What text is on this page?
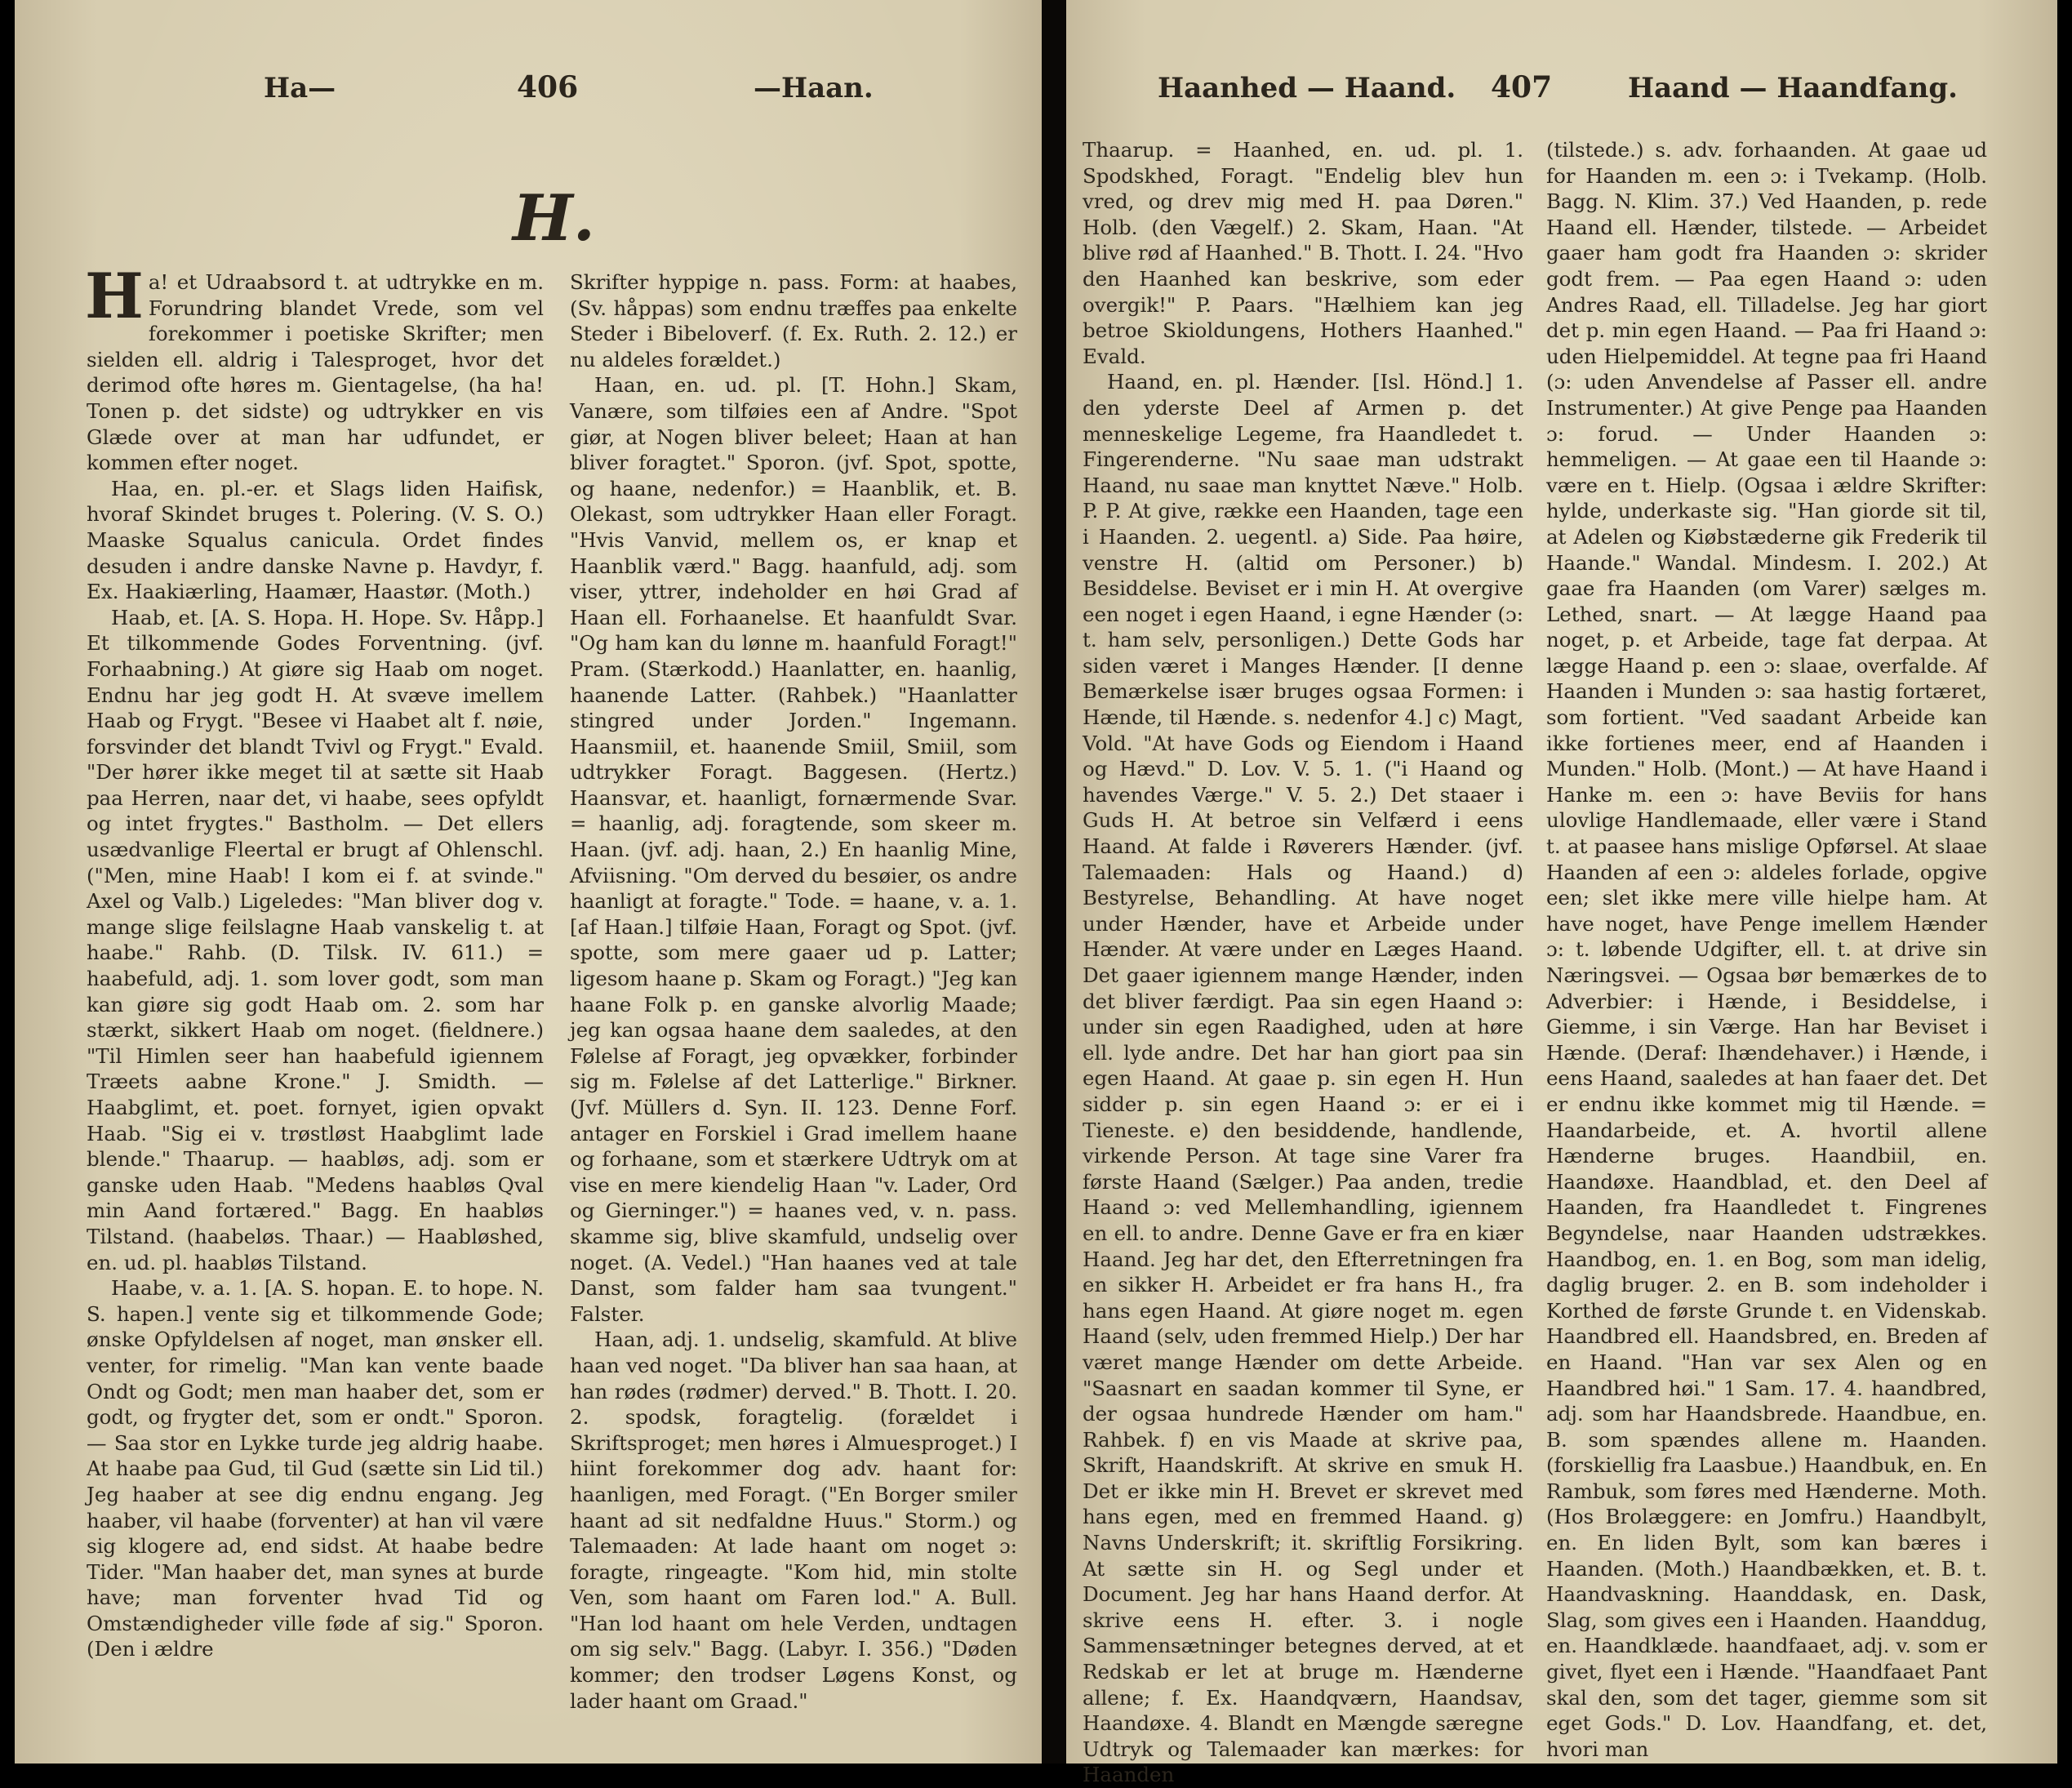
Ha—	406	—Haan.
H.

Ha! et Udraabsord t. at udtrykke en m. Forundring blandet Vrede, som vel forekommer i poetiske Skrifter; men sielden ell. aldrig i Talesproget, hvor det derimod ofte høres m. Gientagelse, (ha ha! Tonen p. det sidste) og udtrykker en vis Glæde over at man har udfundet, er kommen efter noget.

Haa, en. pl.-er. et Slags liden Haifisk, hvoraf Skindet bruges t. Polering. (V. S. O.) Maaske Squalus canicula. Ordet findes desuden i andre danske Navne p. Havdyr, f. Ex. Haakiærling, Haamær, Haastør. (Moth.)

Haab, et. [A. S. Hopa. H. Hope. Sv. Håpp.] Et tilkommende Godes Forventning. (jvf. Forhaabning.) At giøre sig Haab om noget. Endnu har jeg godt H. At svæve imellem Haab og Frygt. "Besee vi Haabet alt f. nøie, forsvinder det blandt Tvivl og Frygt." Evald. "Der hører ikke meget til at sætte sit Haab paa Herren, naar det, vi haabe, sees opfyldt og intet frygtes." Bastholm. — Det ellers usædvanlige Fleertal er brugt af Ohlenschl. ("Men, mine Haab! I kom ei f. at svinde." Axel og Valb.) Ligeledes: "Man bliver dog v. mange slige feilslagne Haab vanskelig t. at haabe." Rahb. (D. Tilsk. IV. 611.) = haabefuld, adj. 1. som lover godt, som man kan giøre sig godt Haab om. 2. som har stærkt, sikkert Haab om noget. (fieldnere.) "Til Himlen seer han haabefuld igiennem Træets aabne Krone." J. Smidth. — Haabglimt, et. poet. fornyet, igien opvakt Haab. "Sig ei v. trøstløst Haabglimt lade blende." Thaarup. — haabløs, adj. som er ganske uden Haab. "Medens haabløs Qval min Aand fortæred." Bagg. En haabløs Tilstand. (haabeløs. Thaar.) — Haabløshed, en. ud. pl. haabløs Tilstand.

Haabe, v. a. 1. [A. S. hopan. E. to hope. N. S. hapen.] vente sig et tilkommende Gode; ønske Opfyldelsen af noget, man ønsker ell. venter, for rimelig. "Man kan vente baade Ondt og Godt; men man haaber det, som er godt, og frygter det, som er ondt." Sporon. — Saa stor en Lykke turde jeg aldrig haabe. At haabe paa Gud, til Gud (sætte sin Lid til.) Jeg haaber at see dig endnu engang. Jeg haaber, vil haabe (forventer) at han vil være sig klogere ad, end sidst. At haabe bedre Tider. "Man haaber det, man synes at burde have; man forventer hvad Tid og Omstændigheder ville føde af sig." Sporon. (Den i ældre

Skrifter hyppige n. pass. Form: at haabes, (Sv. håppas) som endnu træffes paa enkelte Steder i Bibeloverf. (f. Ex. Ruth. 2. 12.) er nu aldeles forældet.)

Haan, en. ud. pl. [T. Hohn.] Skam, Vanære, som tilføies een af Andre. "Spot giør, at Nogen bliver beleet; Haan at han bliver foragtet." Sporon. (jvf. Spot, spotte, og haane, nedenfor.) = Haanblik, et. B. Olekast, som udtrykker Haan eller Foragt. "Hvis Vanvid, mellem os, er knap et Haanblik værd." Bagg. haanfuld, adj. som viser, yttrer, indeholder en høi Grad af Haan ell. Forhaanelse. Et haanfuldt Svar. "Og ham kan du lønne m. haanfuld Foragt!" Pram. (Stærkodd.) Haanlatter, en. haanlig, haanende Latter. (Rahbek.) "Haanlatter stingred under Jorden." Ingemann. Haansmiil, et. haanende Smiil, Smiil, som udtrykker Foragt. Baggesen. (Hertz.) Haansvar, et. haanligt, fornærmende Svar. = haanlig, adj. foragtende, som skeer m. Haan. (jvf. adj. haan, 2.) En haanlig Mine, Afviisning. "Om derved du besøier, os andre haanligt at foragte." Tode. = haane, v. a. 1. [af Haan.] tilføie Haan, Foragt og Spot. (jvf. spotte, som mere gaaer ud p. Latter; ligesom haane p. Skam og Foragt.) "Jeg kan haane Folk p. en ganske alvorlig Maade; jeg kan ogsaa haane dem saaledes, at den Følelse af Foragt, jeg opvækker, forbinder sig m. Følelse af det Latterlige." Birkner. (Jvf. Müllers d. Syn. II. 123. Denne Forf. antager en Forskiel i Grad imellem haane og forhaane, som et stærkere Udtryk om at vise en mere kiendelig Haan "v. Lader, Ord og Gierninger.") = haanes ved, v. n. pass. skamme sig, blive skamfuld, undselig over noget. (A. Vedel.) "Han haanes ved at tale Danst, som falder ham saa tvungent." Falster.

Haan, adj. 1. undselig, skamfuld. At blive haan ved noget. "Da bliver han saa haan, at han rødes (rødmer) derved." B. Thott. I. 20. 2. spodsk, foragtelig. (forældet i Skriftsproget; men høres i Almuesproget.) I hiint forekommer dog adv. haant for: haanligen, med Foragt. ("En Borger smiler haant ad sit nedfaldne Huus." Storm.) og Talemaaden: At lade haant om noget ɔ: foragte, ringeagte. "Kom hid, min stolte Ven, som haant om Faren lod." A. Bull. "Han lod haant om hele Verden, undtagen om sig selv." Bagg. (Labyr. I. 356.) "Døden kommer; den trodser Løgens Konst, og lader haant om Graad."

Haanhed — Haand. 407	Haand — Haandfang.

Thaarup. = Haanhed, en. ud. pl. 1. Spodskhed, Foragt. "Endelig blev hun vred, og drev mig med H. paa Døren." Holb. (den Vægelf.) 2. Skam, Haan. "At blive rød af Haanhed." B. Thott. I. 24. "Hvo den Haanhed kan beskrive, som eder overgik!" P. Paars. "Hælhiem kan jeg betroe Skioldungens, Hothers Haanhed." Evald.

Haand, en. pl. Hænder. [Isl. Hönd.] 1. den yderste Deel af Armen p. det menneskelige Legeme, fra Haandledet t. Fingerenderne. "Nu saae man udstrakt Haand, nu saae man knyttet Næve." Holb. P. P. At give, række een Haanden, tage een i Haanden. 2. uegentl. a) Side. Paa høire, venstre H. (altid om Personer.) b) Besiddelse. Beviset er i min H. At overgive een noget i egen Haand, i egne Hænder (ɔ: t. ham selv, personligen.) Dette Gods har siden været i Manges Hænder. [I denne Bemærkelse især bruges ogsaa Formen: i Hænde, til Hænde. s. nedenfor 4.] c) Magt, Vold. "At have Gods og Eiendom i Haand og Hævd." D. Lov. V. 5. 1. ("i Haand og havendes Værge." V. 5. 2.) Det staaer i Guds H. At betroe sin Velfærd i eens Haand. At falde i Røverers Hænder. (jvf. Talemaaden: Hals og Haand.) d) Bestyrelse, Behandling. At have noget under Hænder, have et Arbeide under Hænder. At være under en Læges Haand. Det gaaer igiennem mange Hænder, inden det bliver færdigt. Paa sin egen Haand ɔ: under sin egen Raadighed, uden at høre ell. lyde andre. Det har han giort paa sin egen Haand. At gaae p. sin egen H. Hun sidder p. sin egen Haand ɔ: er ei i Tieneste. e) den besiddende, handlende, virkende Person. At tage sine Varer fra første Haand (Sælger.) Paa anden, tredie Haand ɔ: ved Mellemhandling, igiennem en ell. to andre. Denne Gave er fra en kiær Haand. Jeg har det, den Efterretningen fra en sikker H. Arbeidet er fra hans H., fra hans egen Haand. At giøre noget m. egen Haand (selv, uden fremmed Hielp.) Der har været mange Hænder om dette Arbeide. "Saasnart en saadan kommer til Syne, er der ogsaa hundrede Hænder om ham." Rahbek. f) en vis Maade at skrive paa, Skrift, Haandskrift. At skrive en smuk H. Det er ikke min H. Brevet er skrevet med hans egen, med en fremmed Haand. g) Navns Underskrift; it. skriftlig Forsikring. At sætte sin H. og Segl under et Document. Jeg har hans Haand derfor. At skrive eens H. efter. 3. i nogle Sammensætninger betegnes derved, at et Redskab er let at bruge m. Hænderne allene; f. Ex. Haandqværn, Haandsav, Haandøxe. 4. Blandt en Mængde særegne Udtryk og Talemaader kan mærkes: for Haanden

(tilstede.) s. adv. forhaanden. At gaae ud for Haanden m. een ɔ: i Tvekamp. (Holb. Bagg. N. Klim. 37.) Ved Haanden, p. rede Haand ell. Hænder, tilstede. — Arbeidet gaaer ham godt fra Haanden ɔ: skrider godt frem. — Paa egen Haand ɔ: uden Andres Raad, ell. Tilladelse. Jeg har giort det p. min egen Haand. — Paa fri Haand ɔ: uden Hielpemiddel. At tegne paa fri Haand (ɔ: uden Anvendelse af Passer ell. andre Instrumenter.) At give Penge paa Haanden ɔ: forud. — Under Haanden ɔ: hemmeligen. — At gaae een til Haande ɔ: være en t. Hielp. (Ogsaa i ældre Skrifter: hylde, underkaste sig. "Han giorde sit til, at Adelen og Kiøbstæderne gik Frederik til Haande." Wandal. Mindesm. I. 202.) At gaae fra Haanden (om Varer) sælges m. Lethed, snart. — At lægge Haand paa noget, p. et Arbeide, tage fat derpaa. At lægge Haand p. een ɔ: slaae, overfalde. Af Haanden i Munden ɔ: saa hastig fortæret, som fortient. "Ved saadant Arbeide kan ikke fortienes meer, end af Haanden i Munden." Holb. (Mont.) — At have Haand i Hanke m. een ɔ: have Beviis for hans ulovlige Handlemaade, eller være i Stand t. at paasee hans mislige Opførsel. At slaae Haanden af een ɔ: aldeles forlade, opgive een; slet ikke mere ville hielpe ham. At have noget, have Penge imellem Hænder ɔ: t. løbende Udgifter, ell. t. at drive sin Næringsvei. — Ogsaa bør bemærkes de to Adverbier: i Hænde, i Besiddelse, i Giemme, i sin Værge. Han har Beviset i Hænde. (Deraf: Ihændehaver.) i Hænde, i eens Haand, saaledes at han faaer det. Det er endnu ikke kommet mig til Hænde. = Haandarbeide, et. A. hvortil allene Hænderne bruges. Haandbiil, en. Haandøxe. Haandblad, et. den Deel af Haanden, fra Haandledet t. Fingrenes Begyndelse, naar Haanden udstrækkes. Haandbog, en. 1. en Bog, som man idelig, daglig bruger. 2. en B. som indeholder i Korthed de første Grunde t. en Videnskab. Haandbred ell. Haandsbred, en. Breden af en Haand. "Han var sex Alen og en Haandbred høi." 1 Sam. 17. 4. haandbred, adj. som har Haandsbrede. Haandbue, en. B. som spændes allene m. Haanden. (forskiellig fra Laasbue.) Haandbuk, en. En Rambuk, som føres med Hænderne. Moth. (Hos Brolæggere: en Jomfru.) Haandbylt, en. En liden Bylt, som kan bæres i Haanden. (Moth.) Haandbækken, et. B. t. Haandvaskning. Haanddask, en. Dask, Slag, som gives een i Haanden. Haanddug, en. Haandklæde. haandfaaet, adj. v. som er givet, flyet een i Hænde. "Haandfaaet Pant skal den, som det tager, giemme som sit eget Gods." D. Lov. Haandfang, et. det, hvori man
